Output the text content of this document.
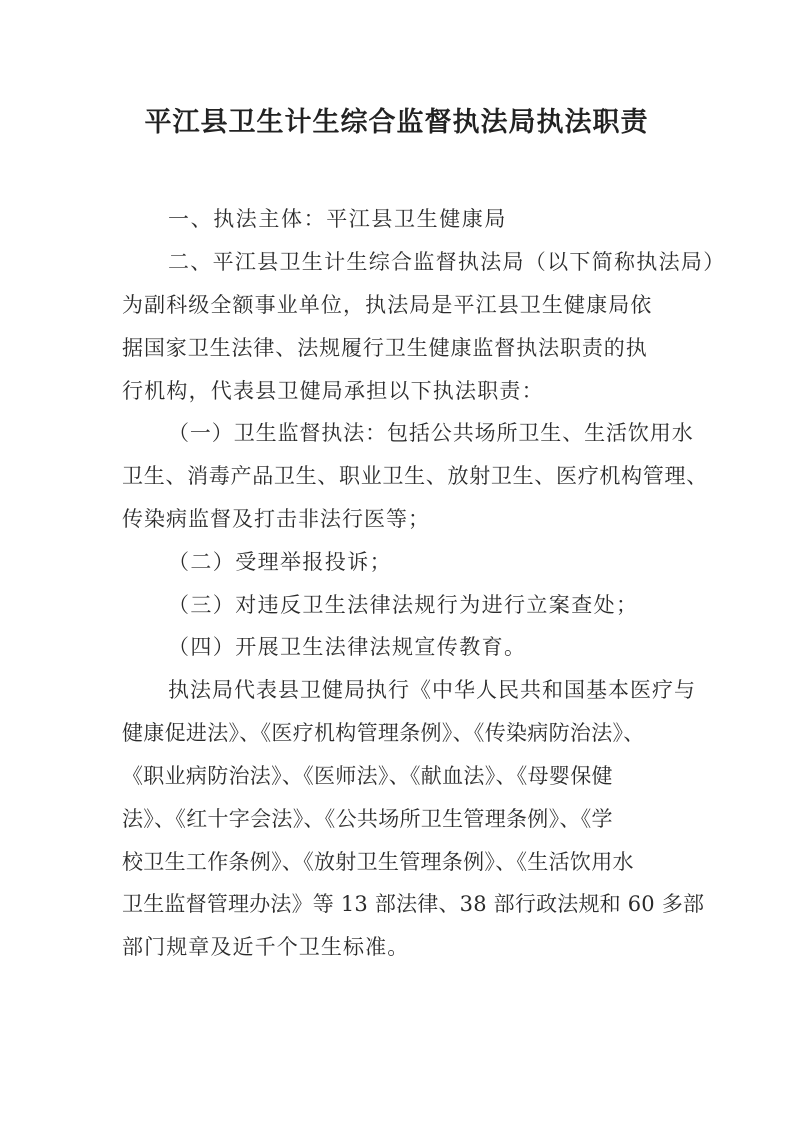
平江县卫生计生综合监督执法局执法职责
一、执法主体：平江县卫生健康局
二、平江县卫生计生综合监督执法局（以下简称执法局）
为副科级全额事业单位，执法局是平江县卫生健康局依
据国家卫生法律、法规履行卫生健康监督执法职责的执
行机构，代表县卫健局承担以下执法职责：
（一）卫生监督执法：包括公共场所卫生、生活饮用水
卫生、消毒产品卫生、职业卫生、放射卫生、医疗机构管理、
传染病监督及打击非法行医等；
（二）受理举报投诉；
（三）对违反卫生法律法规行为进行立案查处；
（四）开展卫生法律法规宣传教育。
执法局代表县卫健局执行《中华人民共和国基本医疗与
健康促进法》、《医疗机构管理条例》、《传染病防治法》、
《职业病防治法》、《医师法》、《献血法》、《母婴保健
法》、《红十字会法》、《公共场所卫生管理条例》、《学
校卫生工作条例》、《放射卫生管理条例》、《生活饮用水
卫生监督管理办法》等 13 部法律、38 部行政法规和 60 多部
部门规章及近千个卫生标准。
